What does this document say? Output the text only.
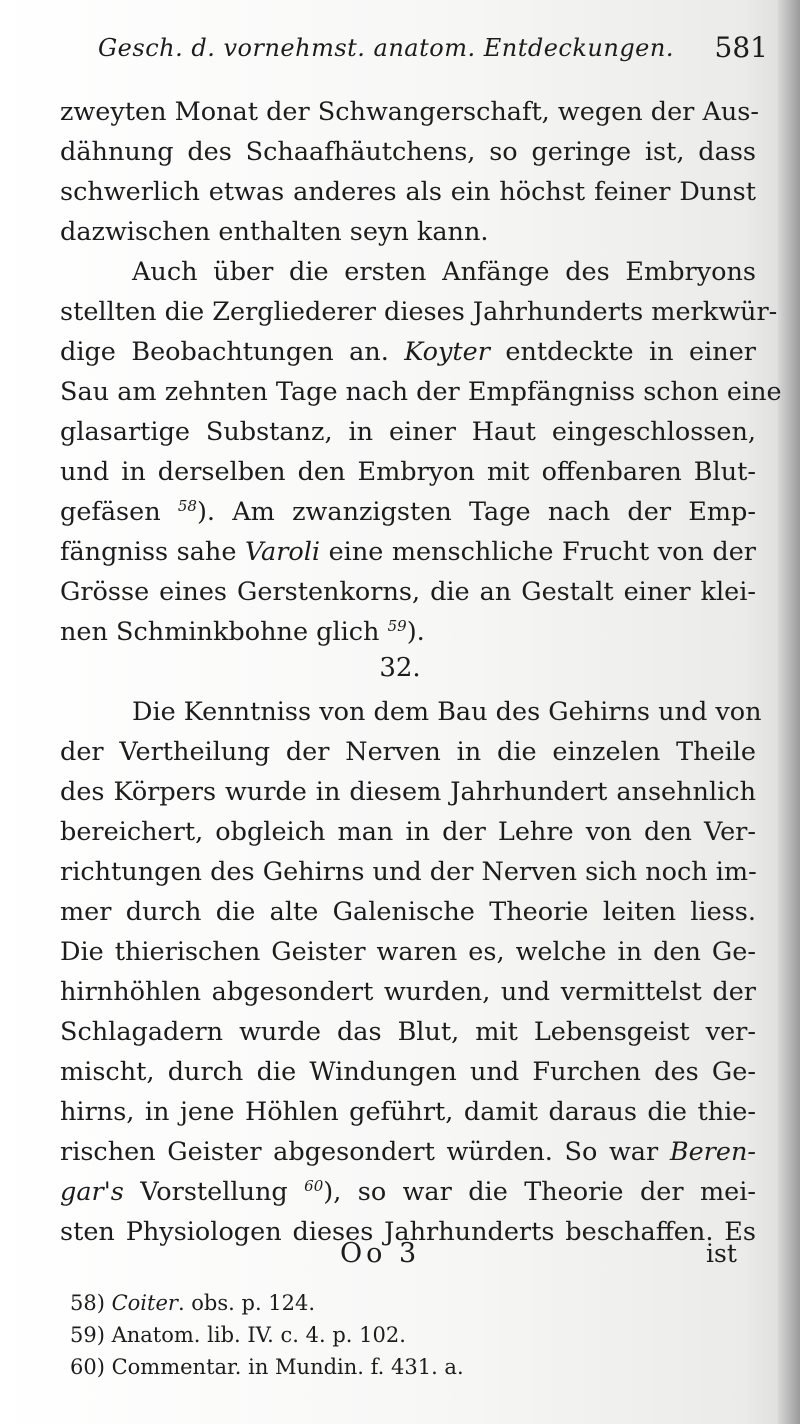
Gesch. d. vornehmst. anatom. Entdeckungen. 581
zweyten Monat der Schwangerschaft, wegen der Aus-
dähnung des Schaafhäutchens, so geringe ist, dass
schwerlich etwas anderes als ein höchst feiner Dunst
dazwischen enthalten seyn kann.
Auch über die ersten Anfänge des Embryons
stellten die Zergliederer dieses Jahrhunderts merkwür-
dige Beobachtungen an. Koyter entdeckte in einer
Sau am zehnten Tage nach der Empfängniss schon eine
glasartige Substanz, in einer Haut eingeschlossen,
und in derselben den Embryon mit offenbaren Blut-
gefäsen $^{58}$). Am zwanzigsten Tage nach der Emp-
fängniss sahe Varoli eine menschliche Frucht von der
Grösse eines Gerstenkorns, die an Gestalt einer klei-
nen Schminkbohne glich $^{59}$).
Die Kenntniss von dem Bau des Gehirns und von
der Vertheilung der Nerven in die einzelen Theile
des Körpers wurde in diesem Jahrhundert ansehnlich
bereichert, obgleich man in der Lehre von den Ver-
richtungen des Gehirns und der Nerven sich noch im-
mer durch die alte Galenische Theorie leiten liess.
Die thierischen Geister waren es, welche in den Ge-
hirnhöhlen abgesondert wurden, und vermittelst der
Schlagadern wurde das Blut, mit Lebensgeist ver-
mischt, durch die Windungen und Furchen des Ge-
hirns, in jene Höhlen geführt, damit daraus die thie-
rischen Geister abgesondert würden. So war Beren-
gar's Vorstellung $^{60}$), so war die Theorie der mei-
sten Physiologen dieses Jahrhunderts beschaffen. Es
32.
Oo 3	ist
58) Coiter. obs. p. 124.
59) Anatom. lib. IV. c. 4. p. 102.
60) Commentar. in Mundin. f. 431. a.
